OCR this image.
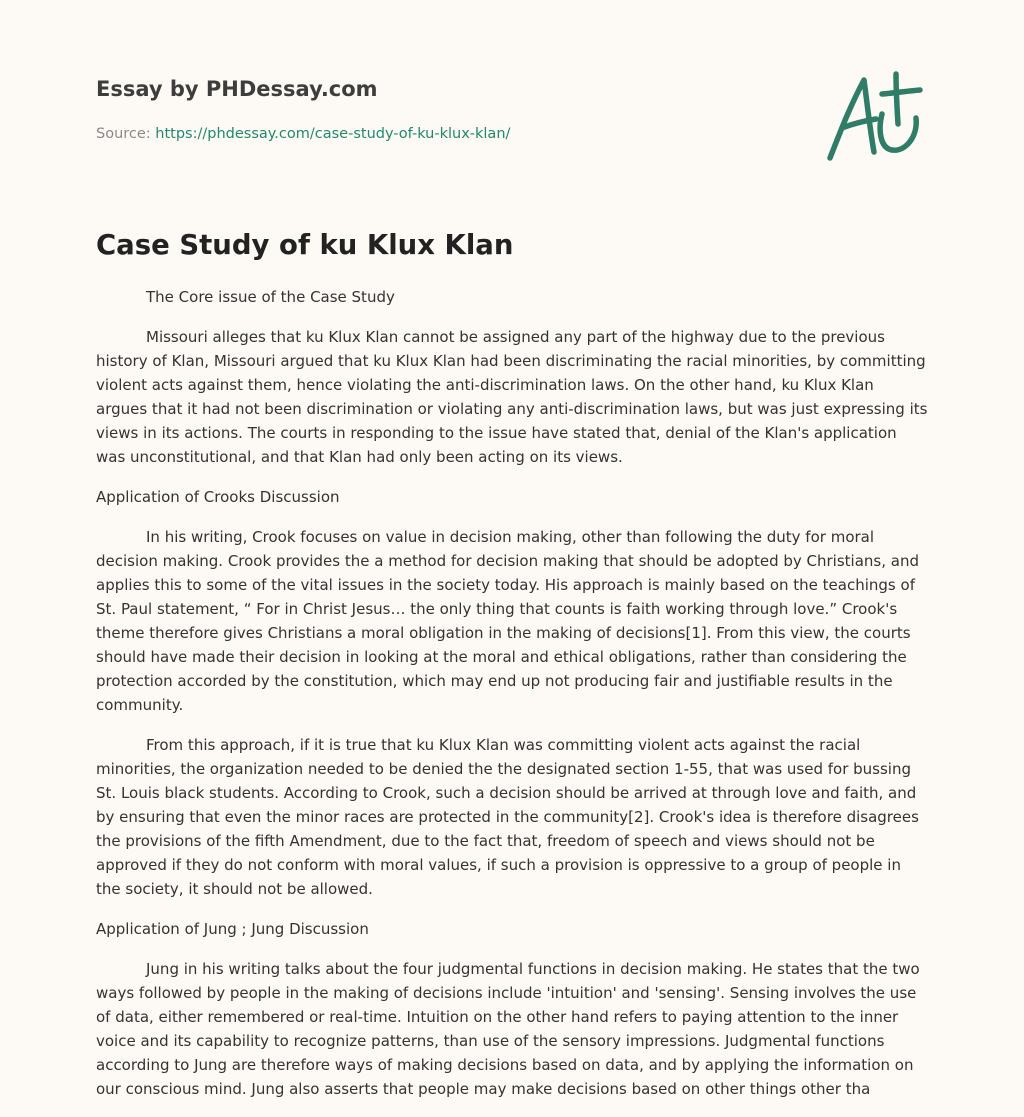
Essay by PHDessay.com
Source: https://phdessay.com/case-study-of-ku-klux-klan/
Case Study of ku Klux Klan

The Core issue of the Case Study

Missouri alleges that ku Klux Klan cannot be assigned any part of the highway due to the previous history of Klan, Missouri argued that ku Klux Klan had been discriminating the racial minorities, by committing violent acts against them, hence violating the anti-discrimination laws. On the other hand, ku Klux Klan argues that it had not been discrimination or violating any anti-discrimination laws, but was just expressing its views in its actions. The courts in responding to the issue have stated that, denial of the Klan's application was unconstitutional, and that Klan had only been acting on its views.

Application of Crooks Discussion

In his writing, Crook focuses on value in decision making, other than following the duty for moral decision making. Crook provides the a method for decision making that should be adopted by Christians, and applies this to some of the vital issues in the society today. His approach is mainly based on the teachings of St. Paul statement, “ For in Christ Jesus… the only thing that counts is faith working through love.” Crook's theme therefore gives Christians a moral obligation in the making of decisions[1]. From this view, the courts should have made their decision in looking at the moral and ethical obligations, rather than considering the protection accorded by the constitution, which may end up not producing fair and justifiable results in the community.

From this approach, if it is true that ku Klux Klan was committing violent acts against the racial minorities, the organization needed to be denied the the designated section 1-55, that was used for bussing St. Louis black students. According to Crook, such a decision should be arrived at through love and faith, and by ensuring that even the minor races are protected in the community[2]. Crook's idea is therefore disagrees the provisions of the fifth Amendment, due to the fact that, freedom of speech and views should not be approved if they do not conform with moral values, if such a provision is oppressive to a group of people in the society, it should not be allowed.

Application of Jung ; Jung Discussion

Jung in his writing talks about the four judgmental functions in decision making. He states that the two ways followed by people in the making of decisions include 'intuition' and 'sensing'. Sensing involves the use of data, either remembered or real-time. Intuition on the other hand refers to paying attention to the inner voice and its capability to recognize patterns, than use of the sensory impressions. Judgmental functions according to Jung are therefore ways of making decisions based on data, and by applying the information on our conscious mind. Jung also asserts that people may make decisions based on other things other tha
